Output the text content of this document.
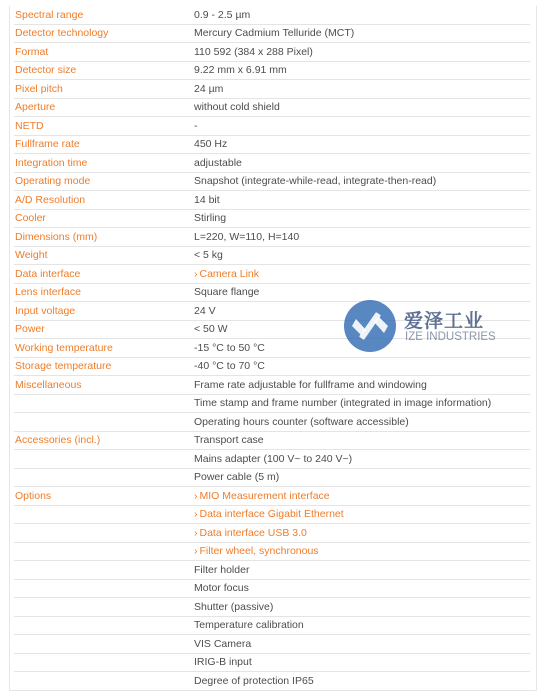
Spectral range	0.9 - 2.5 µm
Detector technology	Mercury Cadmium Telluride (MCT)
Format	110 592 (384 x 288 Pixel)
Detector size	9.22 mm x 6.91 mm
Pixel pitch	24 µm
Aperture	without cold shield
NETD	-
Fullframe rate	450 Hz
Integration time	adjustable
Operating mode	Snapshot (integrate-while-read, integrate-then-read)
A/D Resolution	14 bit
Cooler	Stirling
Dimensions (mm)	L=220, W=110, H=140
Weight	< 5 kg
Data interface	› Camera Link
Lens interface	Square flange
Input voltage	24 V
Power	< 50 W
Working temperature	-15 °C to 50 °C
Storage temperature	-40 °C to 70 °C
Miscellaneous	Frame rate adjustable for fullframe and windowing
Time stamp and frame number (integrated in image information)
Operating hours counter (software accessible)
Accessories (incl.)	Transport case
Mains adapter (100 V~ to 240 V~)
Power cable (5 m)
Options	› MIO Measurement interface
› Data interface Gigabit Ethernet
› Data interface USB 3.0
› Filter wheel, synchronous
Filter holder
Motor focus
Shutter (passive)
Temperature calibration
VIS Camera
IRIG-B input
Degree of protection IP65
爱泽工业
IZE INDUSTRIES
